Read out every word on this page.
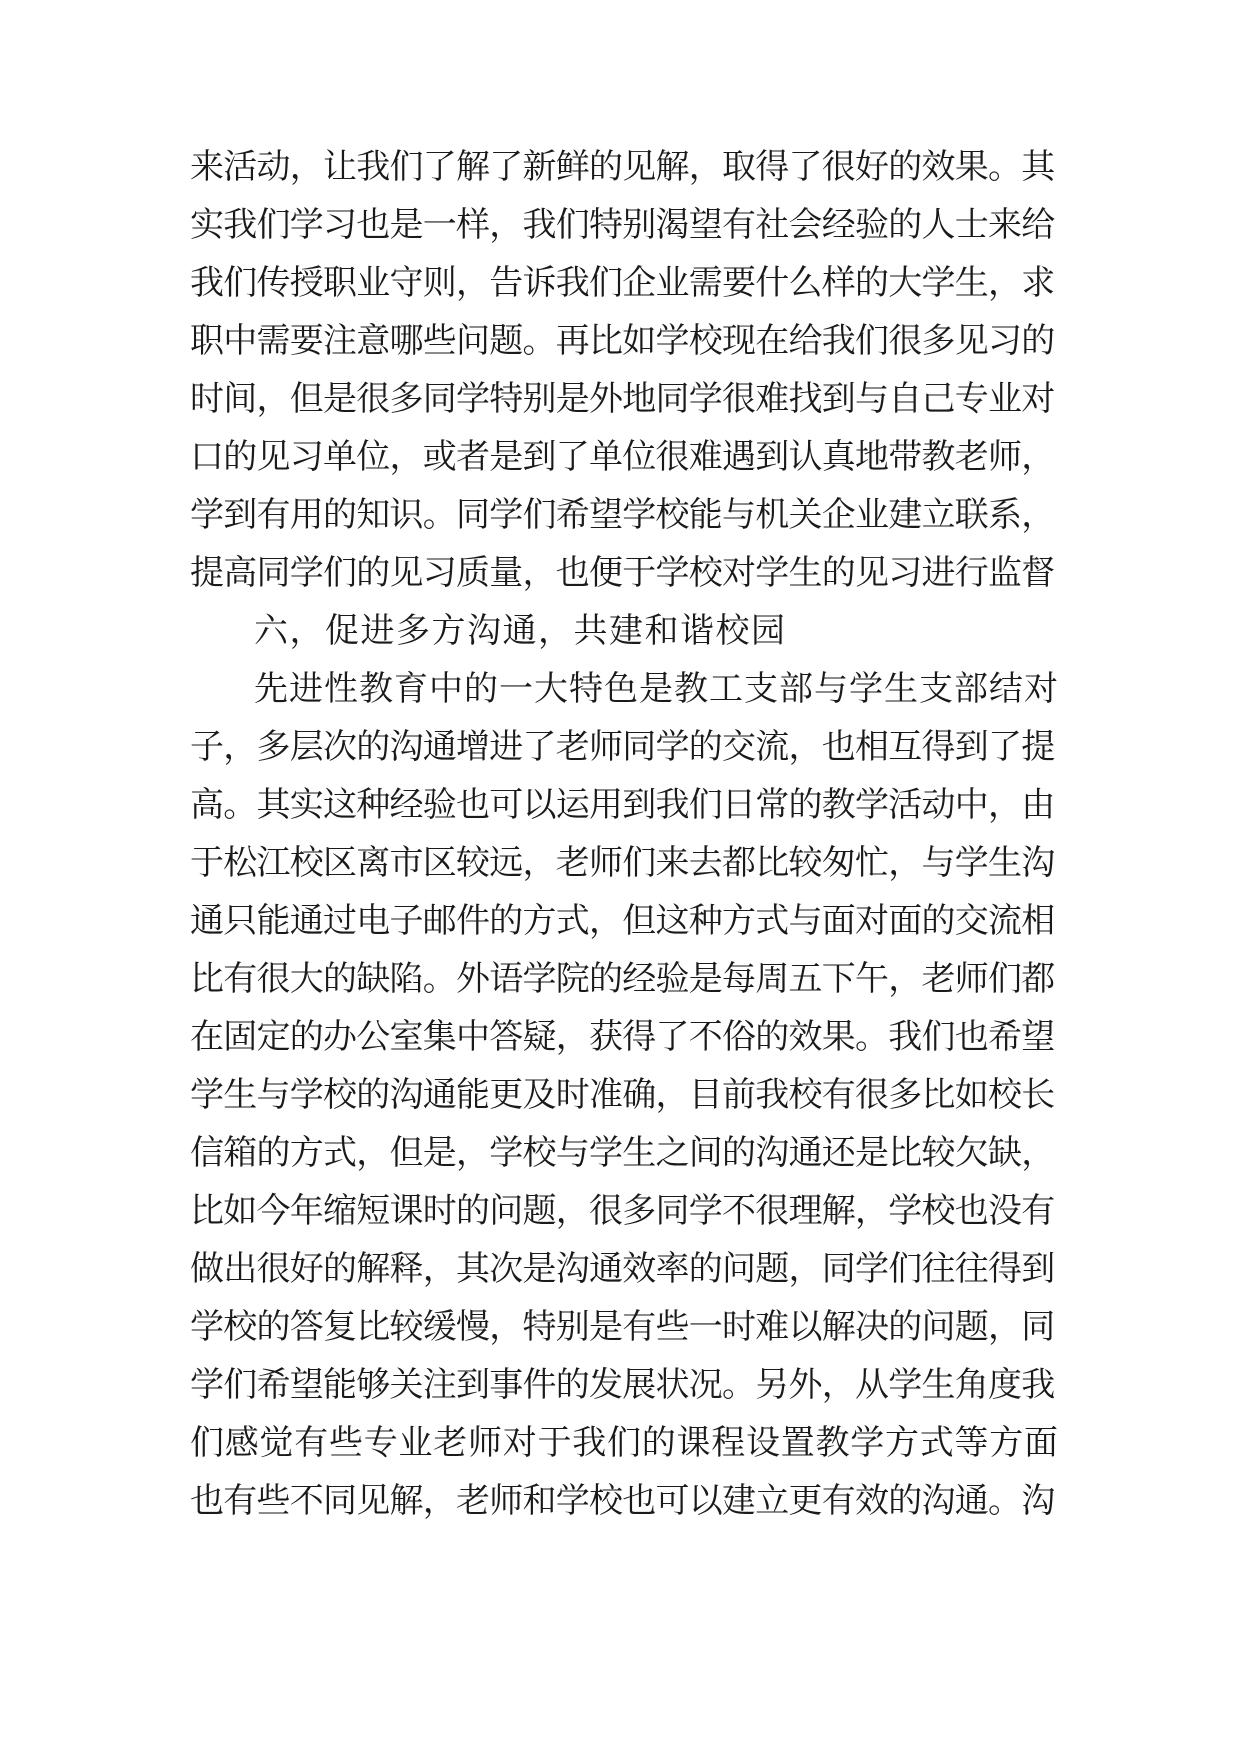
来活动，让我们了解了新鲜的见解，取得了很好的效果。其
实我们学习也是一样，我们特别渴望有社会经验的人士来给
我们传授职业守则，告诉我们企业需要什么样的大学生，求
职中需要注意哪些问题。再比如学校现在给我们很多见习的
时间，但是很多同学特别是外地同学很难找到与自己专业对
口的见习单位，或者是到了单位很难遇到认真地带教老师，
学到有用的知识。同学们希望学校能与机关企业建立联系，
提高同学们的见习质量，也便于学校对学生的见习进行监督
六，促进多方沟通，共建和谐校园
先进性教育中的一大特色是教工支部与学生支部结对
子，多层次的沟通增进了老师同学的交流，也相互得到了提
高。其实这种经验也可以运用到我们日常的教学活动中，由
于松江校区离市区较远，老师们来去都比较匆忙，与学生沟
通只能通过电子邮件的方式，但这种方式与面对面的交流相
比有很大的缺陷。外语学院的经验是每周五下午，老师们都
在固定的办公室集中答疑，获得了不俗的效果。我们也希望
学生与学校的沟通能更及时准确，目前我校有很多比如校长
信箱的方式，但是，学校与学生之间的沟通还是比较欠缺，
比如今年缩短课时的问题，很多同学不很理解，学校也没有
做出很好的解释，其次是沟通效率的问题，同学们往往得到
学校的答复比较缓慢，特别是有些一时难以解决的问题，同
学们希望能够关注到事件的发展状况。另外，从学生角度我
们感觉有些专业老师对于我们的课程设置教学方式等方面
也有些不同见解，老师和学校也可以建立更有效的沟通。沟
